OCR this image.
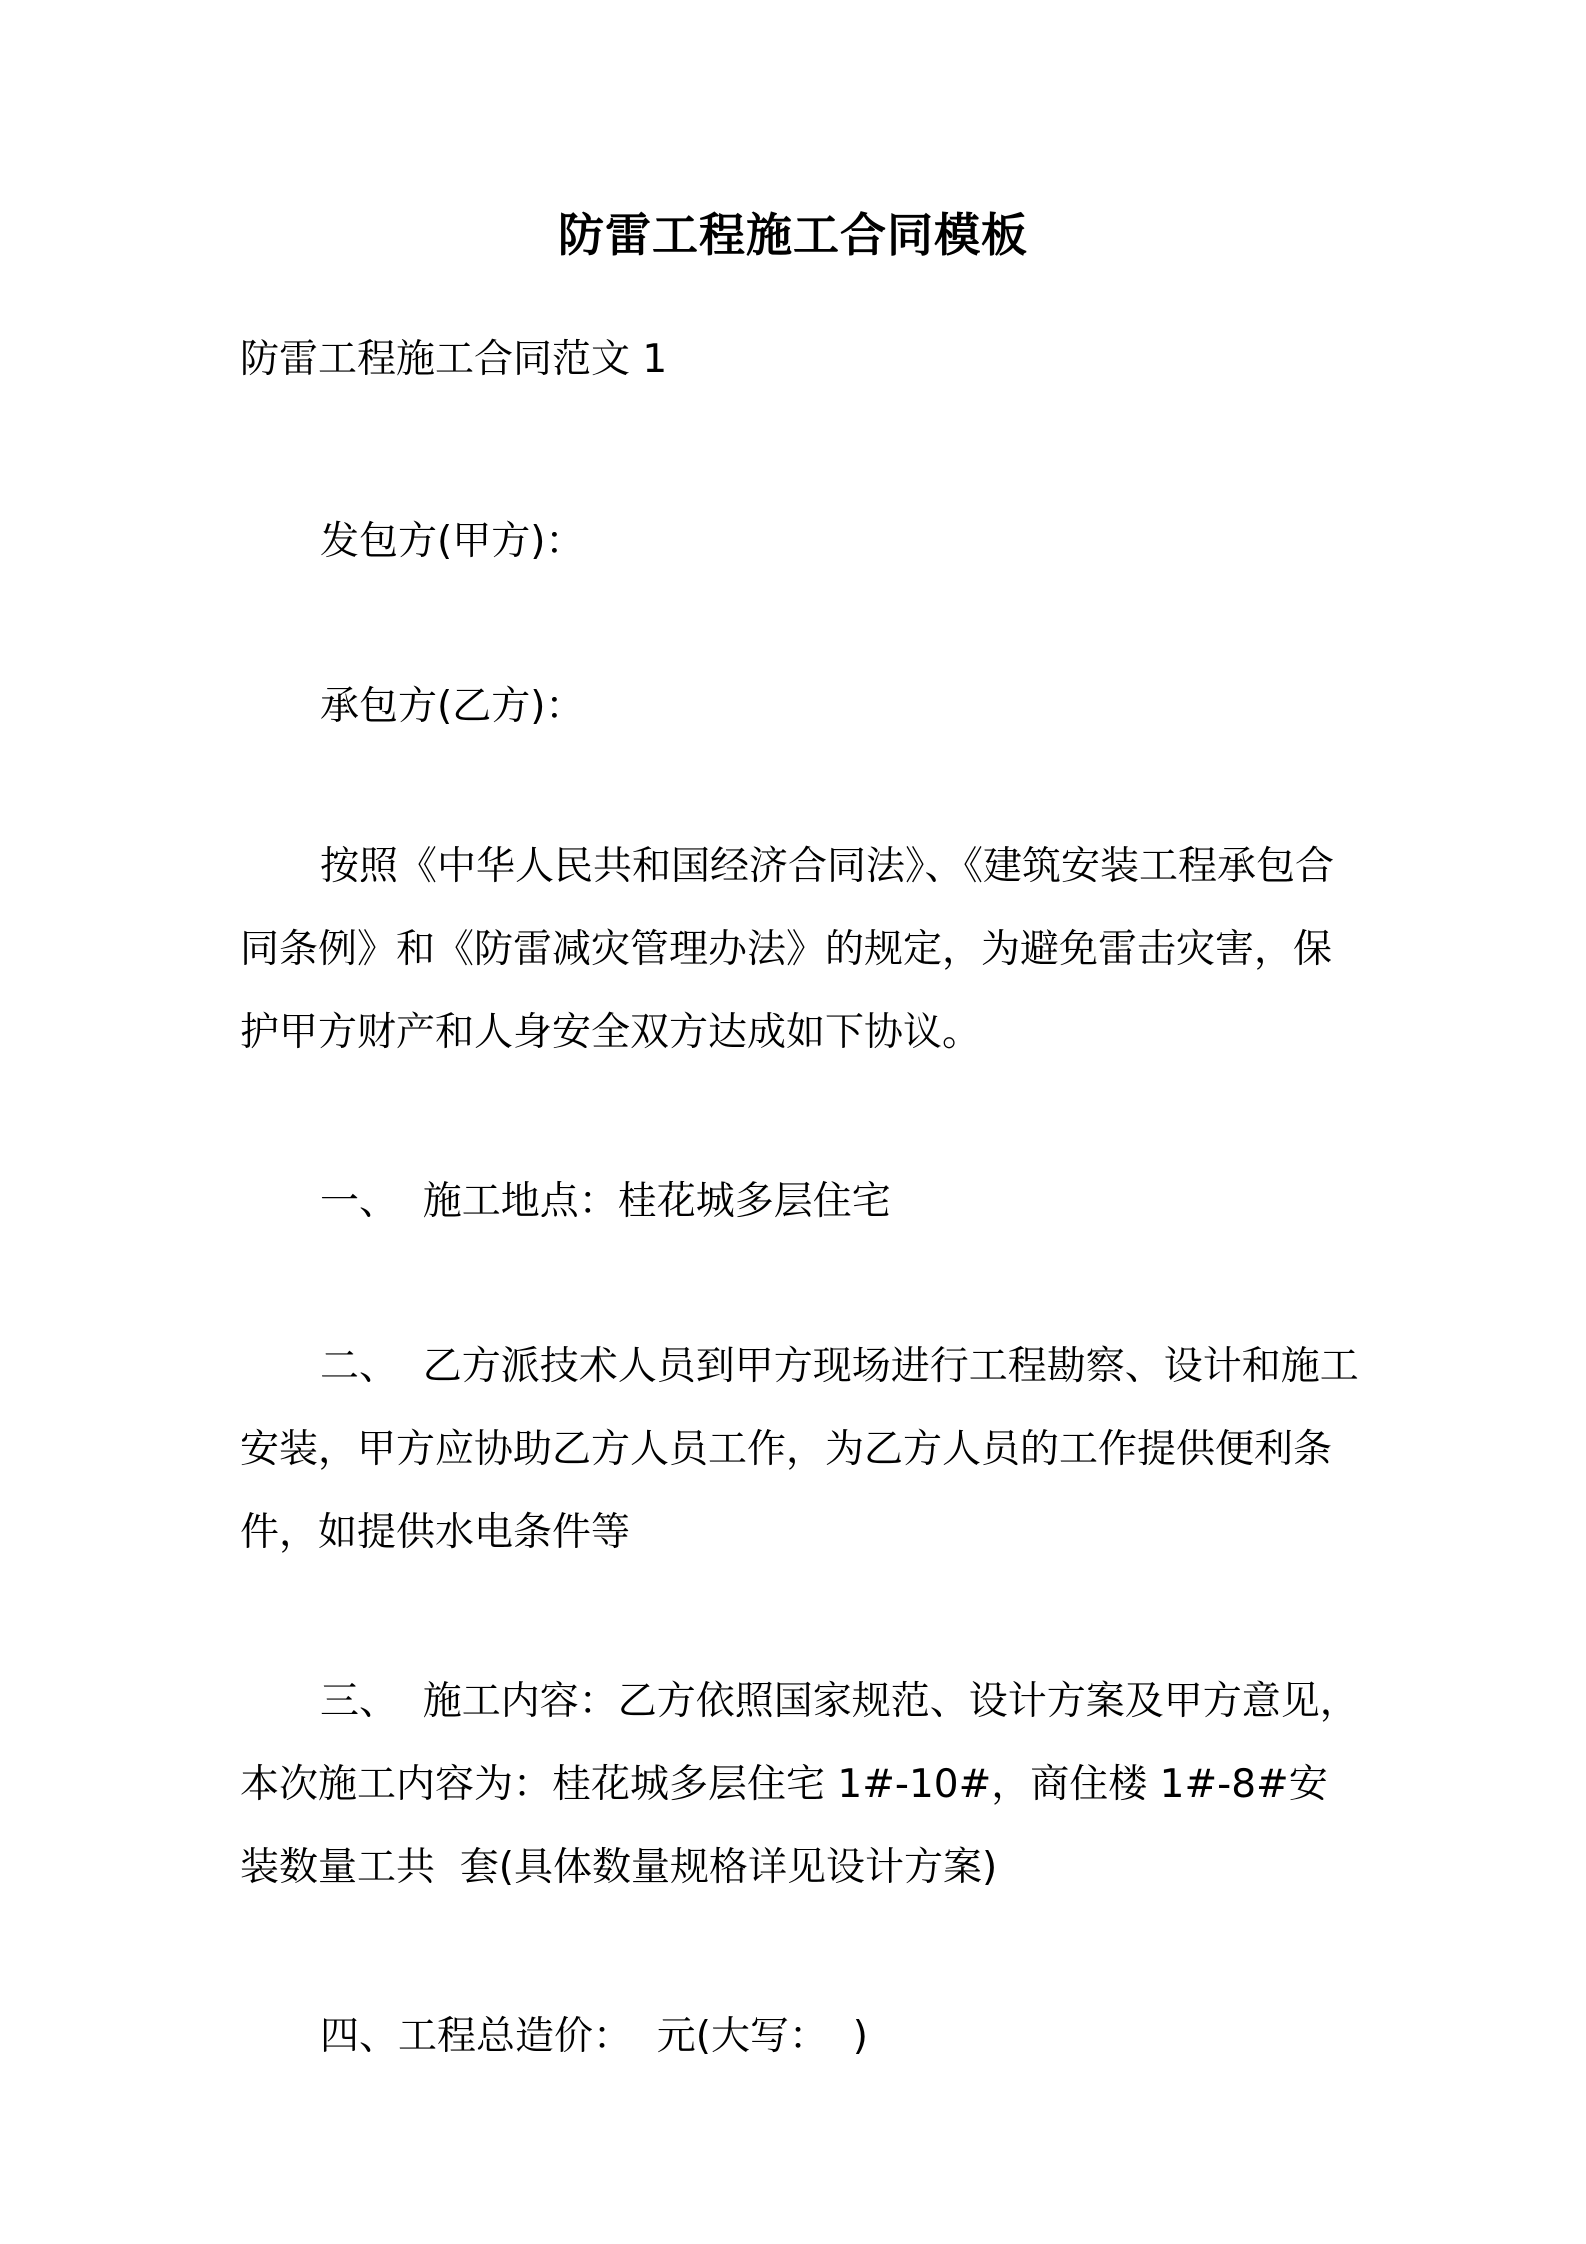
防雷工程施工合同模板
防雷工程施工合同范文 1
发包方(甲方)：
承包方(乙方)：
按照《中华人民共和国经济合同法》、《建筑安装工程承包合同条例》和《防雷减灾管理办法》的规定，为避免雷击灾害，保护甲方财产和人身安全双方达成如下协议。
一、  施工地点：桂花城多层住宅
二、  乙方派技术人员到甲方现场进行工程勘察、设计和施工安装，甲方应协助乙方人员工作，为乙方人员的工作提供便利条件，如提供水电条件等
三、  施工内容：乙方依照国家规范、设计方案及甲方意见，本次施工内容为：桂花城多层住宅 1#-10#，商住楼 1#-8#安装数量工共  套(具体数量规格详见设计方案)
四、工程总造价：  元(大写：  )
